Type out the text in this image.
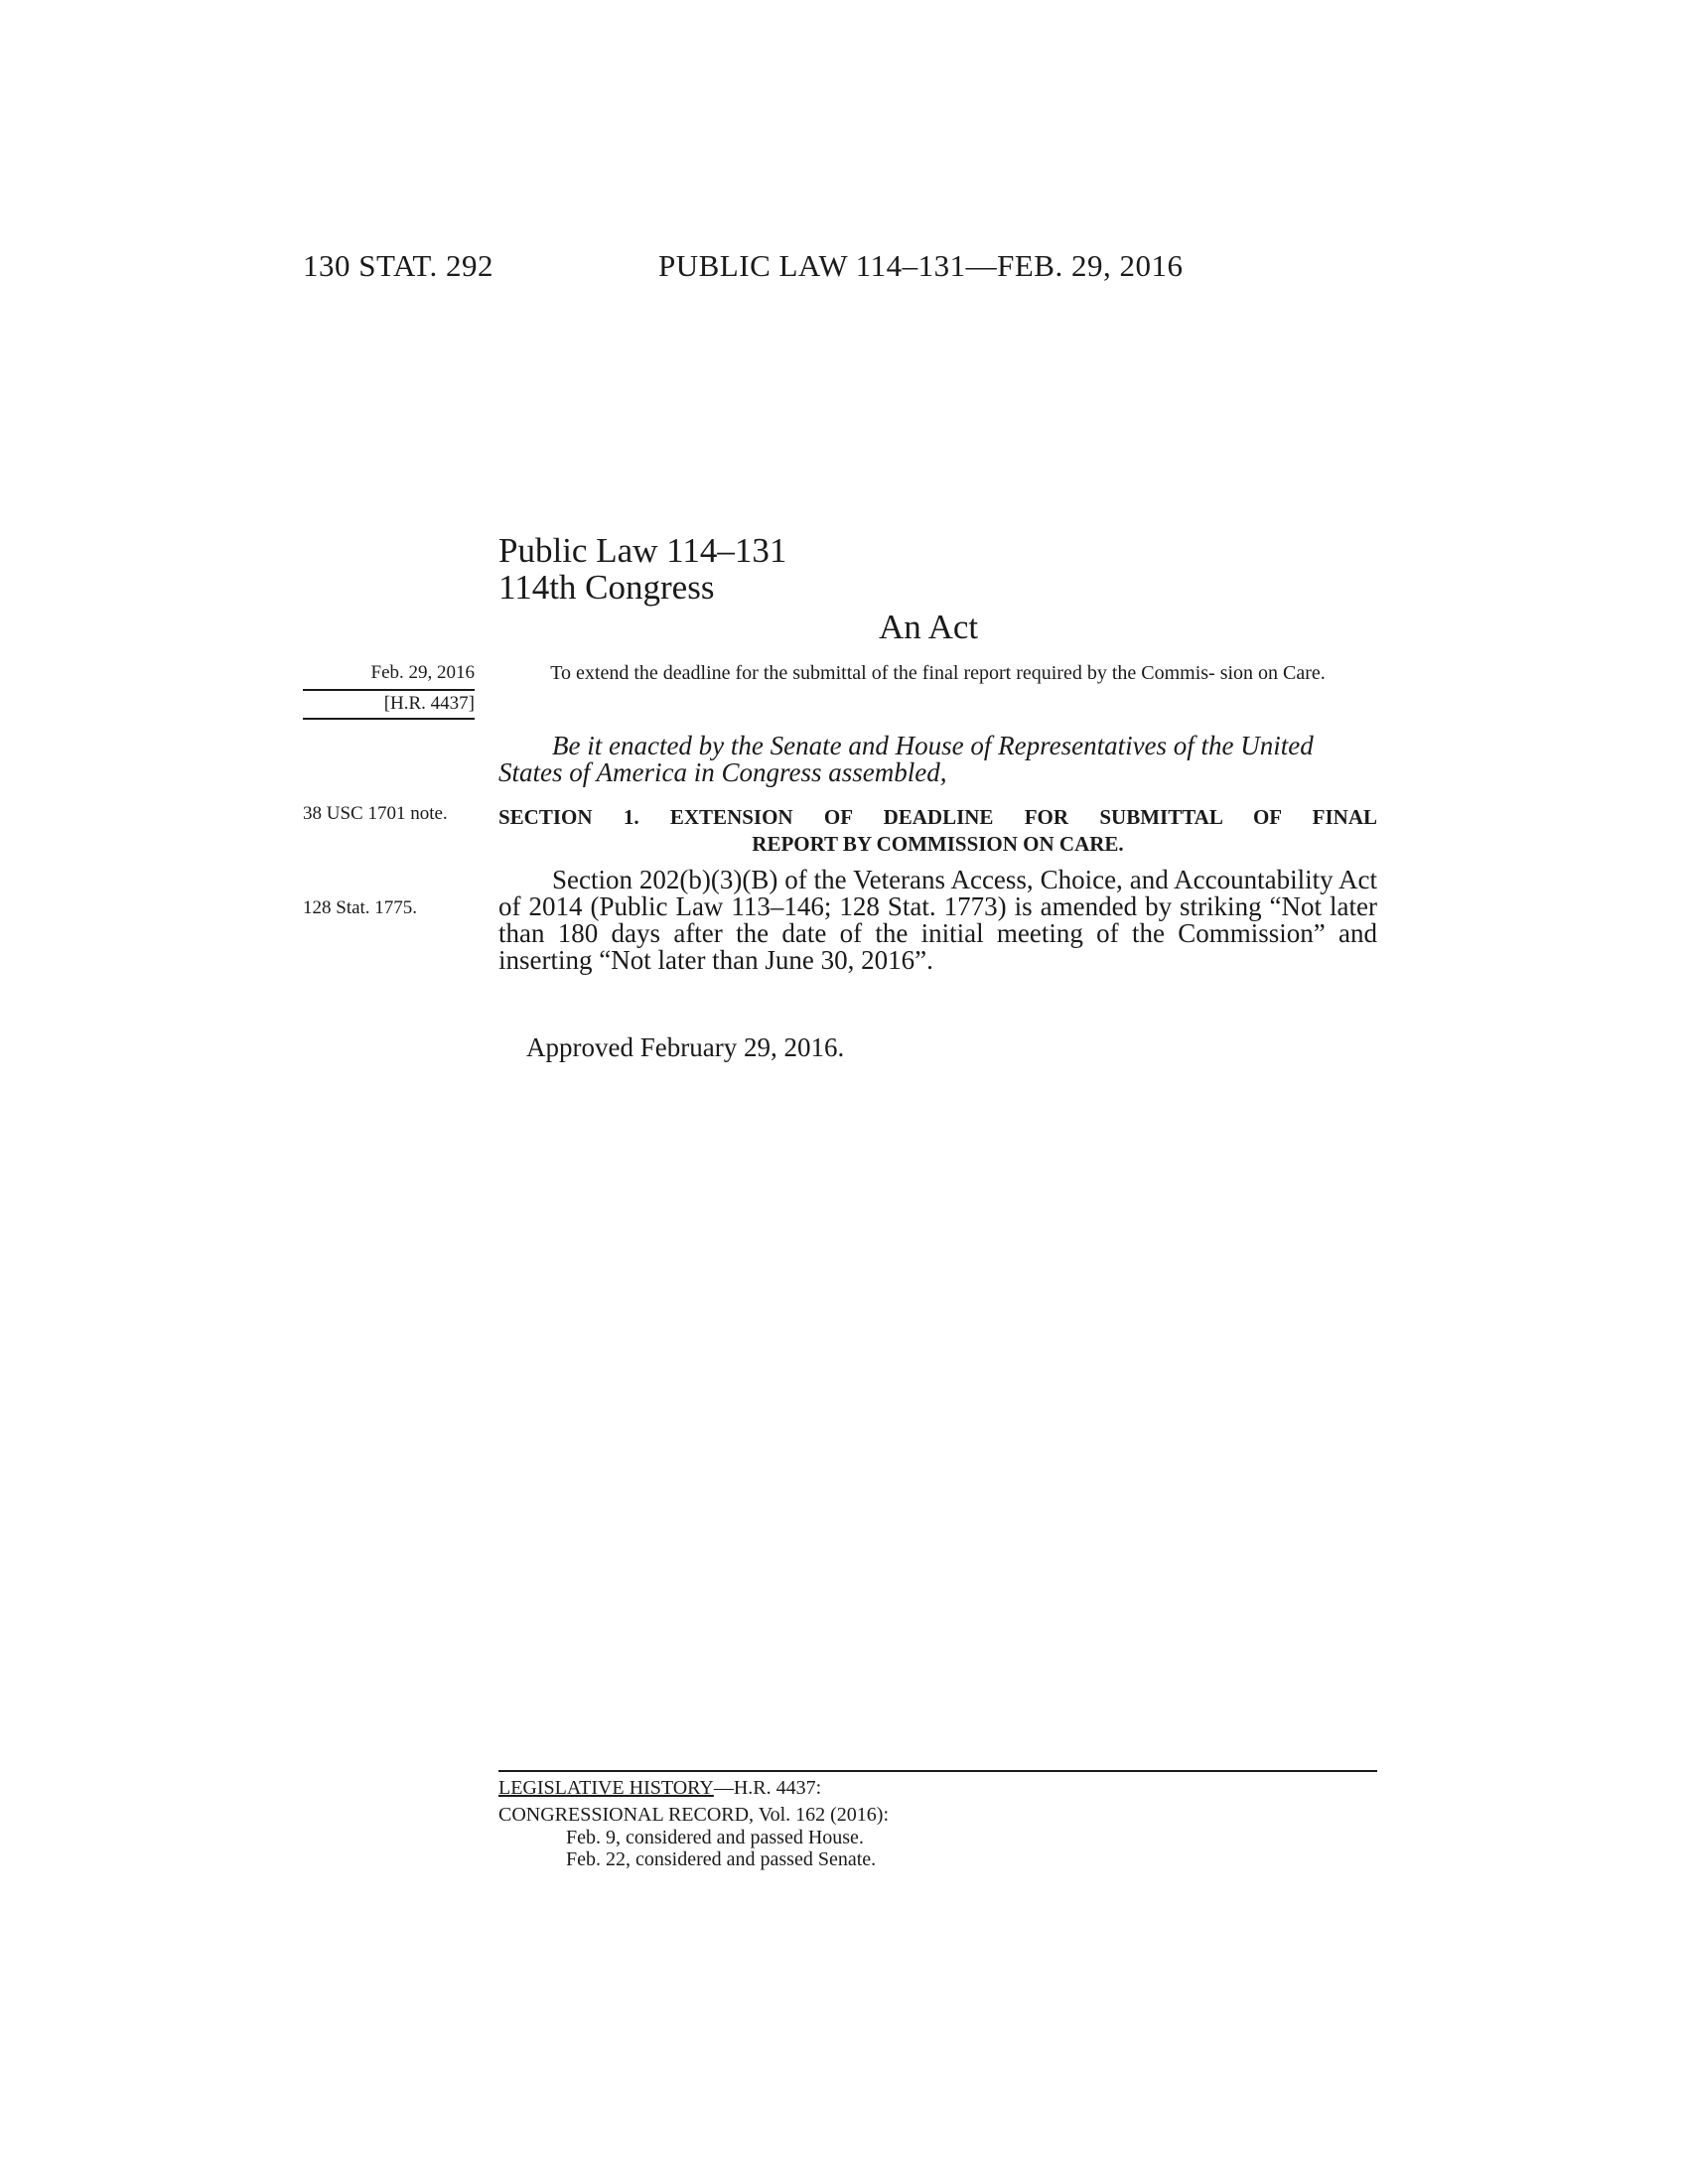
130 STAT. 292	PUBLIC LAW 114–131—FEB. 29, 2016
Public Law 114–131
114th Congress
An Act
Feb. 29, 2016
[H.R. 4437]
To extend the deadline for the submittal of the final report required by the Commis- sion on Care.
Be it enacted by the Senate and House of Representatives of the United States of America in Congress assembled,
38 USC 1701 note. SECTION 1. EXTENSION OF DEADLINE FOR SUBMITTAL OF FINAL
REPORT BY COMMISSION ON CARE.
128 Stat. 1775.
Section 202(b)(3)(B) of the Veterans Access, Choice, and Accountability Act of 2014 (Public Law 113–146; 128 Stat. 1773) is amended by striking “Not later than 180 days after the date of the initial meeting of the Commission” and inserting “Not later than June 30, 2016”.
Approved February 29, 2016.
LEGISLATIVE HISTORY—H.R. 4437:
CONGRESSIONAL RECORD, Vol. 162 (2016):
Feb. 9, considered and passed House.
Feb. 22, considered and passed Senate.
